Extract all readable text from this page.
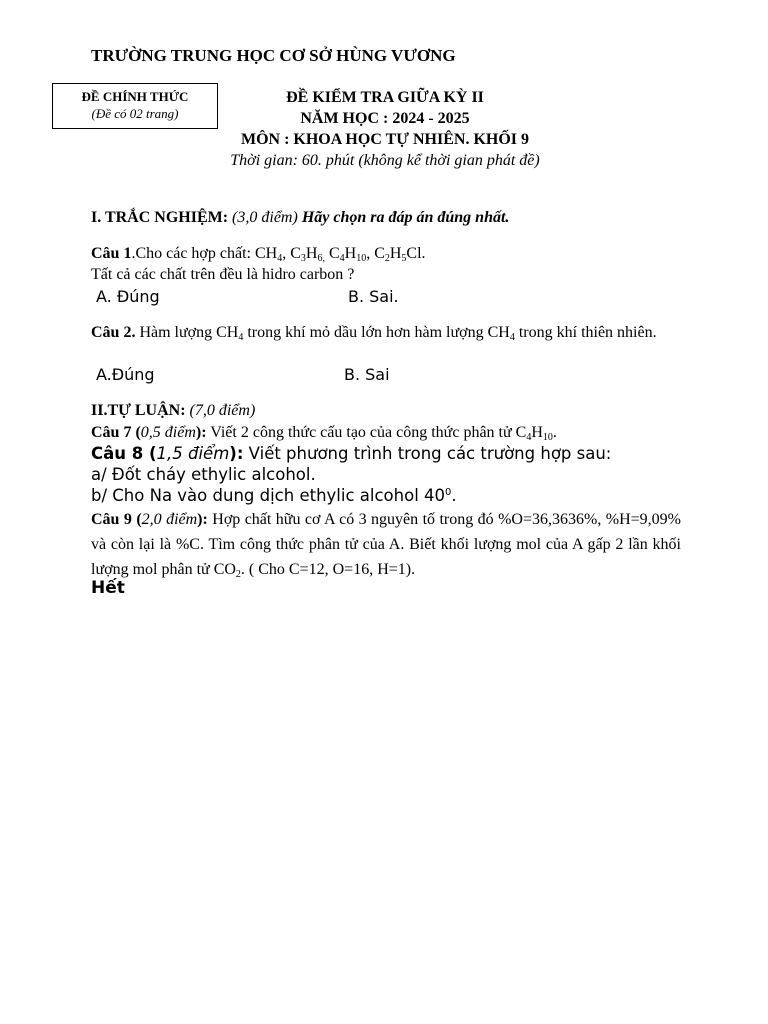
TRƯỜNG TRUNG HỌC CƠ SỞ HÙNG VƯƠNG
ĐỀ CHÍNH THỨC
(Đề có 02 trang)
ĐỀ KIỂM TRA GIỮA KỲ II
NĂM HỌC : 2024 - 2025
MÔN : KHOA HỌC TỰ NHIÊN. KHỐI 9
Thời gian: 60. phút (không kể thời gian phát đề)
I. TRẮC NGHIỆM: (3,0 điểm) Hãy chọn ra đáp án đúng nhất.
Câu 1.Cho các hợp chất: $CH_4$, $C_3H_{6,}$ $C_4H_{10}$, $C_2H_5Cl$.
Tất cả các chất trên đều là hidro carbon ?
A. Đúng	B. Sai.
Câu 2. Hàm lượng $CH_4$ trong khí mỏ dầu lớn hơn hàm lượng $CH_4$ trong khí thiên nhiên.
A.Đúng	B. Sai
II.TỰ LUẬN: (7,0 điểm)
Câu 7 (0,5 điểm): Viết 2 công thức cấu tạo của công thức phân tử $C_4H_{10}$.
Câu 8 (1,5 điểm): Viết phương trình trong các trường hợp sau:
a/ Đốt cháy ethylic alcohol.
b/ Cho Na vào dung dịch ethylic alcohol $40^0$.
Câu 9 (2,0 điểm): Hợp chất hữu cơ A có 3 nguyên tố trong đó %O=36,3636%, %H=9,09% và còn lại là %C. Tìm công thức phân tử của A. Biết khối lượng mol của A gấp 2 lần khối lượng mol phân tử $CO_2$. ( Cho C=12, O=16, H=1).
Hết
